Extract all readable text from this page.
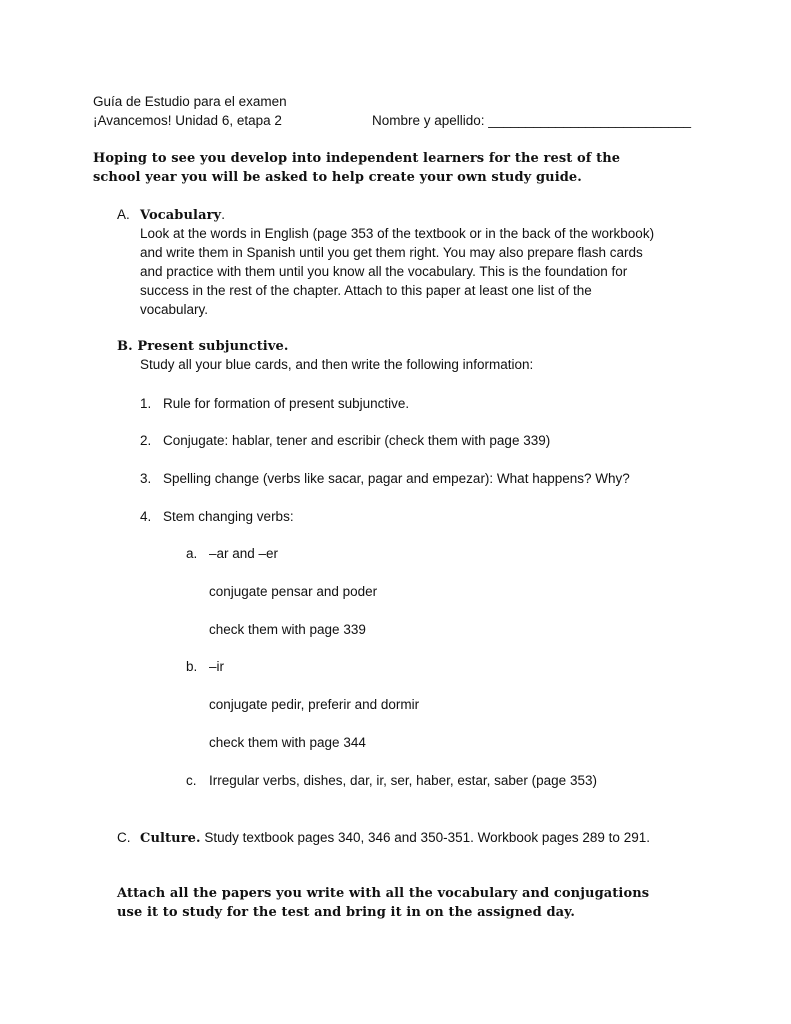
Guía de Estudio para el examen
¡Avancemos! Unidad 6, etapa 2	Nombre y apellido: ___________________________
Hoping to see you develop into independent learners for the rest of the
school year you will be asked to help create your own study guide.
A. Vocabulary.
Look at the words in English (page 353 of the textbook or in the back of the workbook)
and write them in Spanish until you get them right. You may also prepare flash cards
and practice with them until you know all the vocabulary. This is the foundation for
success in the rest of the chapter. Attach to this paper at least one list of the
vocabulary.
B. Present subjunctive.
Study all your blue cards, and then write the following information:
1. Rule for formation of present subjunctive.
2. Conjugate: hablar, tener and escribir (check them with page 339)
3. Spelling change (verbs like sacar, pagar and empezar): What happens? Why?
4. Stem changing verbs:
a. –ar and –er
conjugate pensar and poder
check them with page 339
b. –ir
conjugate pedir, preferir and dormir
check them with page 344
c. Irregular verbs, dishes, dar, ir, ser, haber, estar, saber (page 353)
C. Culture. Study textbook pages 340, 346 and 350-351. Workbook pages 289 to 291.
Attach all the papers you write with all the vocabulary and conjugations
use it to study for the test and bring it in on the assigned day.
